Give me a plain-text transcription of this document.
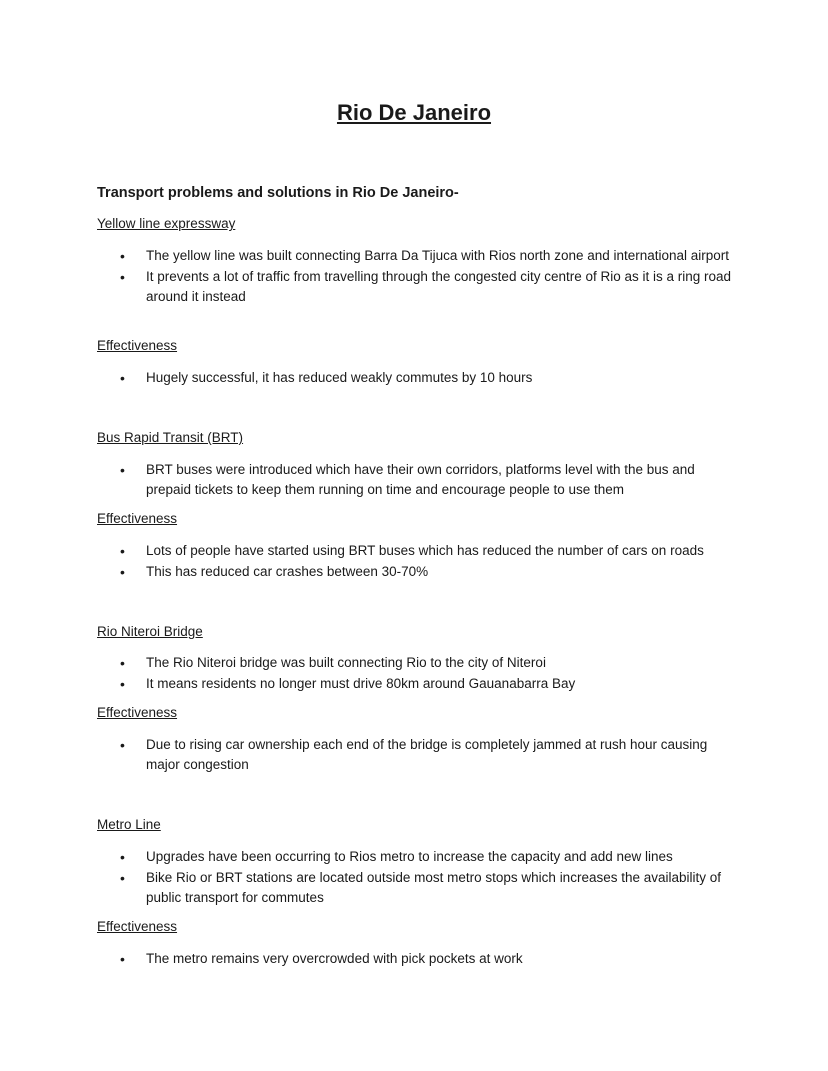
Rio De Janeiro
Transport problems and solutions in Rio De Janeiro-
Yellow line expressway
• The yellow line was built connecting Barra Da Tijuca with Rios north zone and international airport
• It prevents a lot of traffic from travelling through the congested city centre of Rio as it is a ring road around it instead
Effectiveness
• Hugely successful, it has reduced weakly commutes by 10 hours
Bus Rapid Transit (BRT)
• BRT buses were introduced which have their own corridors, platforms level with the bus and prepaid tickets to keep them running on time and encourage people to use them
Effectiveness
• Lots of people have started using BRT buses which has reduced the number of cars on roads
• This has reduced car crashes between 30-70%
Rio Niteroi Bridge
• The Rio Niteroi bridge was built connecting Rio to the city of Niteroi
• It means residents no longer must drive 80km around Gauanabarra Bay
Effectiveness
• Due to rising car ownership each end of the bridge is completely jammed at rush hour causing major congestion
Metro Line
• Upgrades have been occurring to Rios metro to increase the capacity and add new lines
• Bike Rio or BRT stations are located outside most metro stops which increases the availability of public transport for commutes
Effectiveness
• The metro remains very overcrowded with pick pockets at work
